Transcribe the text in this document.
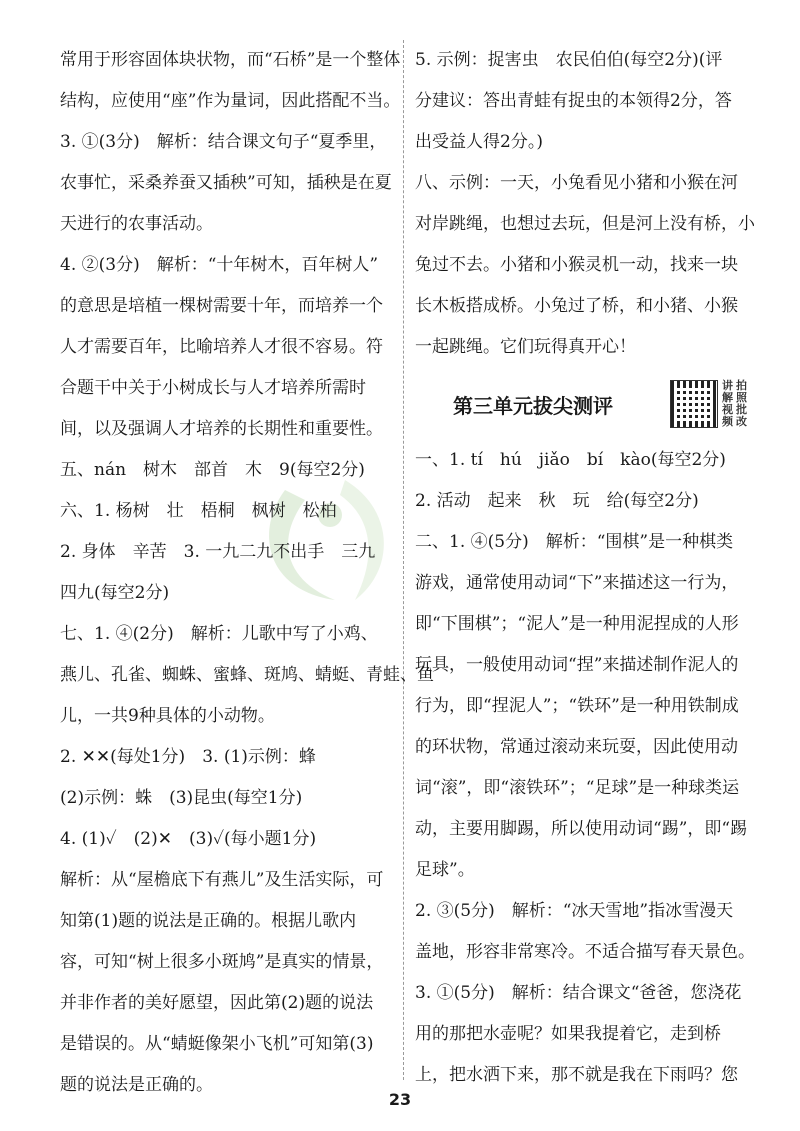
常用于形容固体块状物，而“石桥”是一个整体
结构，应使用“座”作为量词，因此搭配不当。
3. ①(3分)　解析：结合课文句子“夏季里，
农事忙，采桑养蚕又插秧”可知，插秧是在夏
天进行的农事活动。
4. ②(3分)　解析：“十年树木，百年树人”
的意思是培植一棵树需要十年，而培养一个
人才需要百年，比喻培养人才很不容易。符
合题干中关于小树成长与人才培养所需时
间，以及强调人才培养的长期性和重要性。
五、nán　树木　部首　木　9(每空2分)
六、1. 杨树　壮　梧桐　枫树　松柏
2. 身体　辛苦　3. 一九二九不出手　三九
四九(每空2分)
七、1. ④(2分)　解析：儿歌中写了小鸡、
燕儿、孔雀、蜘蛛、蜜蜂、斑鸠、蜻蜓、青蛙、鱼
儿，一共9种具体的小动物。
2. ✕✕(每处1分)　3. (1)示例：蜂
(2)示例：蛛　(3)昆虫(每空1分)
4. (1)✓　(2)✕　(3)✓(每小题1分)
解析：从“屋檐底下有燕儿”及生活实际，可
知第(1)题的说法是正确的。根据儿歌内
容，可知“树上很多小斑鸠”是真实的情景，
并非作者的美好愿望，因此第(2)题的说法
是错误的。从“蜻蜓像架小飞机”可知第(3)
题的说法是正确的。
5. 示例：捉害虫　农民伯伯(每空2分)(评
分建议：答出青蛙有捉虫的本领得2分，答
出受益人得2分。)
八、示例：一天，小兔看见小猪和小猴在河
对岸跳绳，也想过去玩，但是河上没有桥，小
兔过不去。小猪和小猴灵机一动，找来一块
长木板搭成桥。小兔过了桥，和小猪、小猴
一起跳绳。它们玩得真开心！
第三单元拔尖测评
讲 拍
解 照
视 批
频 改
一、1. tí　hú　jiǎo　bí　kào(每空2分)
2. 活动　起来　秋　玩　给(每空2分)
二、1. ④(5分)　解析：“围棋”是一种棋类
游戏，通常使用动词“下”来描述这一行为，
即“下围棋”；“泥人”是一种用泥捏成的人形
玩具，一般使用动词“捏”来描述制作泥人的
行为，即“捏泥人”；“铁环”是一种用铁制成
的环状物，常通过滚动来玩耍，因此使用动
词“滚”，即“滚铁环”；“足球”是一种球类运
动，主要用脚踢，所以使用动词“踢”，即“踢
足球”。
2. ③(5分)　解析：“冰天雪地”指冰雪漫天
盖地，形容非常寒冷。不适合描写春天景色。
3. ①(5分)　解析：结合课文“爸爸，您浇花
用的那把水壶呢？如果我提着它，走到桥
上，把水洒下来，那不就是我在下雨吗？您
23
